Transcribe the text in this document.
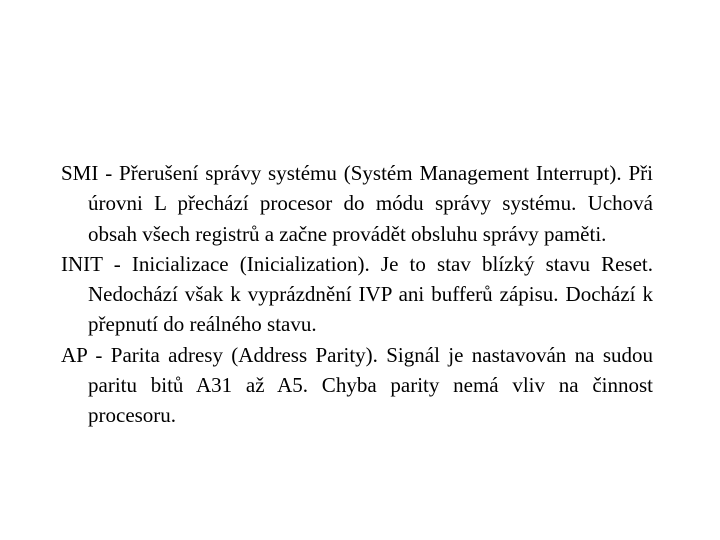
SMI - Přerušení správy systému (Systém Management Interrupt). Při úrovni L přechází procesor do módu správy systému. Uchová obsah všech registrů a začne provádět obsluhu správy paměti.

INIT - Inicializace (Inicialization). Je to stav blízký stavu Reset. Nedochází však k vyprázdnění IVP ani bufferů zápisu. Dochází k přepnutí do reálného stavu.

AP - Parita adresy (Address Parity). Signál je nastavován na sudou paritu bitů A31 až A5. Chyba parity nemá vliv na činnost procesoru.
